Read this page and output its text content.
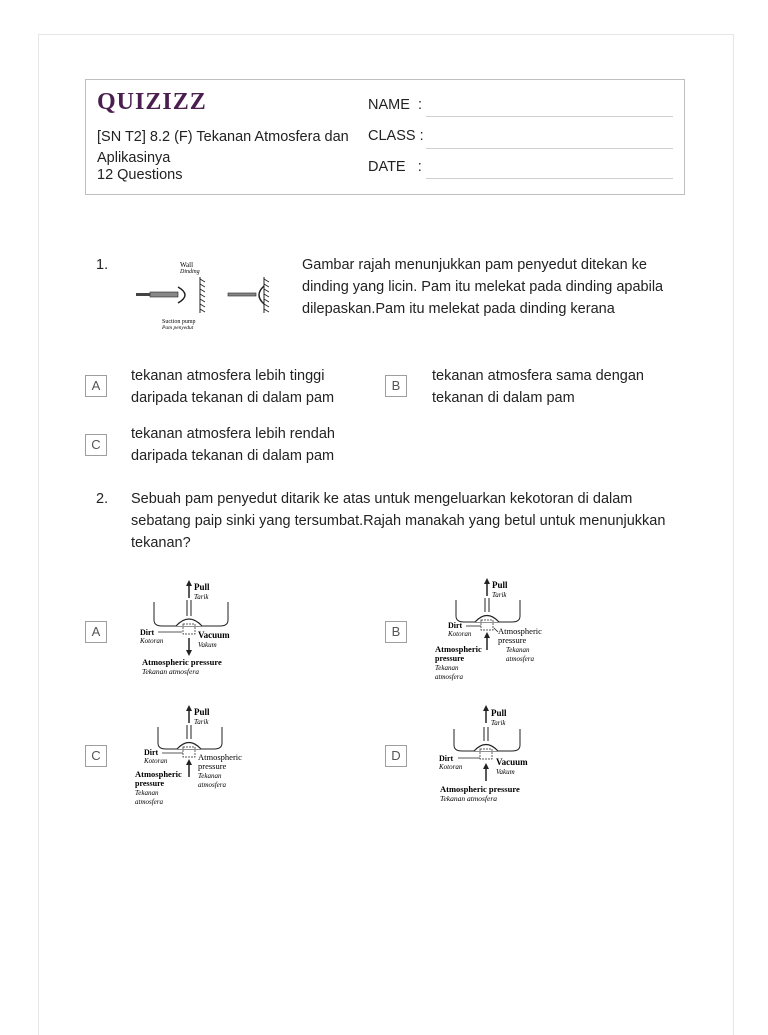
QUIZIZZ
[SN T2] 8.2 (F) Tekanan Atmosfera dan Aplikasinya
12 Questions
NAME :
CLASS :
DATE :
1.	Wall
Dinding
Suction pump
Pam penyedut
Gambar rajah menunjukkan pam penyedut ditekan ke dinding yang licin. Pam itu melekat pada dinding apabila dilepaskan.Pam itu melekat pada dinding kerana
A
tekanan atmosfera lebih tinggi daripada tekanan di dalam pam
B
tekanan atmosfera sama dengan tekanan di dalam pam
C
tekanan atmosfera lebih rendah daripada tekanan di dalam pam
2. Sebuah pam penyedut ditarik ke atas untuk mengeluarkan kekotoran di dalam sebatang paip sinki yang tersumbat.Rajah manakah yang betul untuk menunjukkan tekanan?
A
Pull
Tarik
Dirt
Kotoran
Vacuum
Vakum
Atmospheric pressure
Tekanan atmosfera
B
Pull
Tarik
Dirt
Kotoran	Atmospheric
pressure
Tekanan
atmosfera
Atmospheric
pressure
Tekanan
atmosfera
C
Pull
Tarik
Dirt
Kotoran	Atmospheric
pressure
Tekanan
atmosfera
Atmospheric
pressure
Tekanan
atmosfera
D
Pull
Tarik
Dirt
Kotoran	Vacuum
Vakum
Atmospheric pressure
Tekanan atmosfera
